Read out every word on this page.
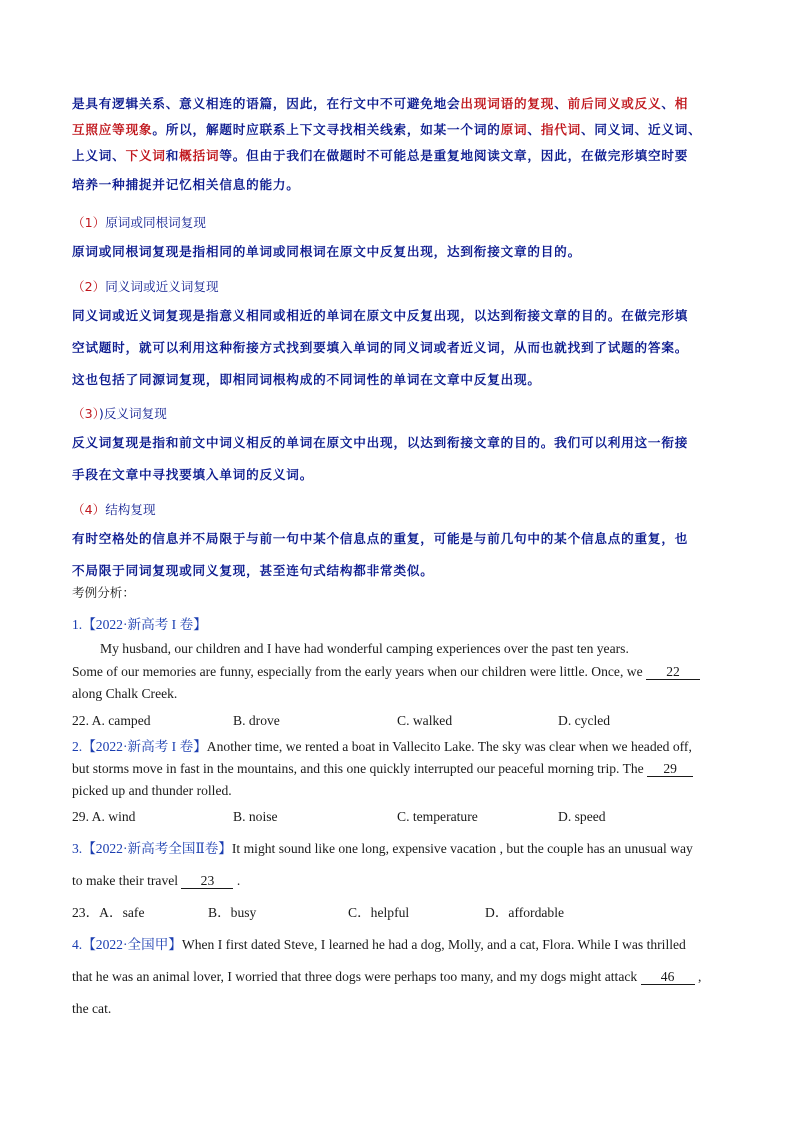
是具有逻辑关系、意义相连的语篇，因此，在行文中不可避免地会出现词语的复现、前后同义或反义、相
互照应等现象。所以，解题时应联系上下文寻找相关线索，如某一个词的原词、指代词、同义词、近义词、
上义词、下义词和概括词等。但由于我们在做题时不可能总是重复地阅读文章，因此，在做完形填空时要
培养一种捕捉并记忆相关信息的能力。
（1）原词或同根词复现
原词或同根词复现是指相同的单词或同根词在原文中反复出现，达到衔接文章的目的。
（2）同义词或近义词复现
同义词或近义词复现是指意义相同或相近的单词在原文中反复出现，以达到衔接文章的目的。在做完形填
空试题时，就可以利用这种衔接方式找到要填入单词的同义词或者近义词，从而也就找到了试题的答案。
这也包括了同源词复现，即相同词根构成的不同词性的单词在文章中反复出现。
（3）)反义词复现
反义词复现是指和前文中词义相反的单词在原文中出现，以达到衔接文章的目的。我们可以利用这一衔接
手段在文章中寻找要填入单词的反义词。
（4）结构复现
有时空格处的信息并不局限于与前一句中某个信息点的重复，可能是与前几句中的某个信息点的重复，也
不局限于同词复现或同义复现，甚至连句式结构都非常类似。
考例分析：
1.【2022·新高考 I 卷】
My husband, our children and I have had wonderful camping experiences over the past ten years.
Some of our memories are funny, especially from the early years when our children were little. Once, we 22
along Chalk Creek.
22. A. camped	B. drove	C. walked	D. cycled
2.【2022·新高考 I 卷】Another time, we rented a boat in Vallecito Lake. The sky was clear when we headed off,
but storms move in fast in the mountains, and this one quickly interrupted our peaceful morning trip. The 29
picked up and thunder rolled.
29. A. wind	B. noise	C. temperature	D. speed
3.【2022·新高考全国Ⅱ卷】It might sound like one long, expensive vacation , but the couple has an unusual way
to make their travel 23 .
23．A．safe	B．busy	C．helpful	D．affordable
4.【2022·全国甲】When I first dated Steve, I learned he had a dog, Molly, and a cat, Flora. While I was thrilled
that he was an animal lover, I worried that three dogs were perhaps too many, and my dogs might attack 46 ,
the cat.
